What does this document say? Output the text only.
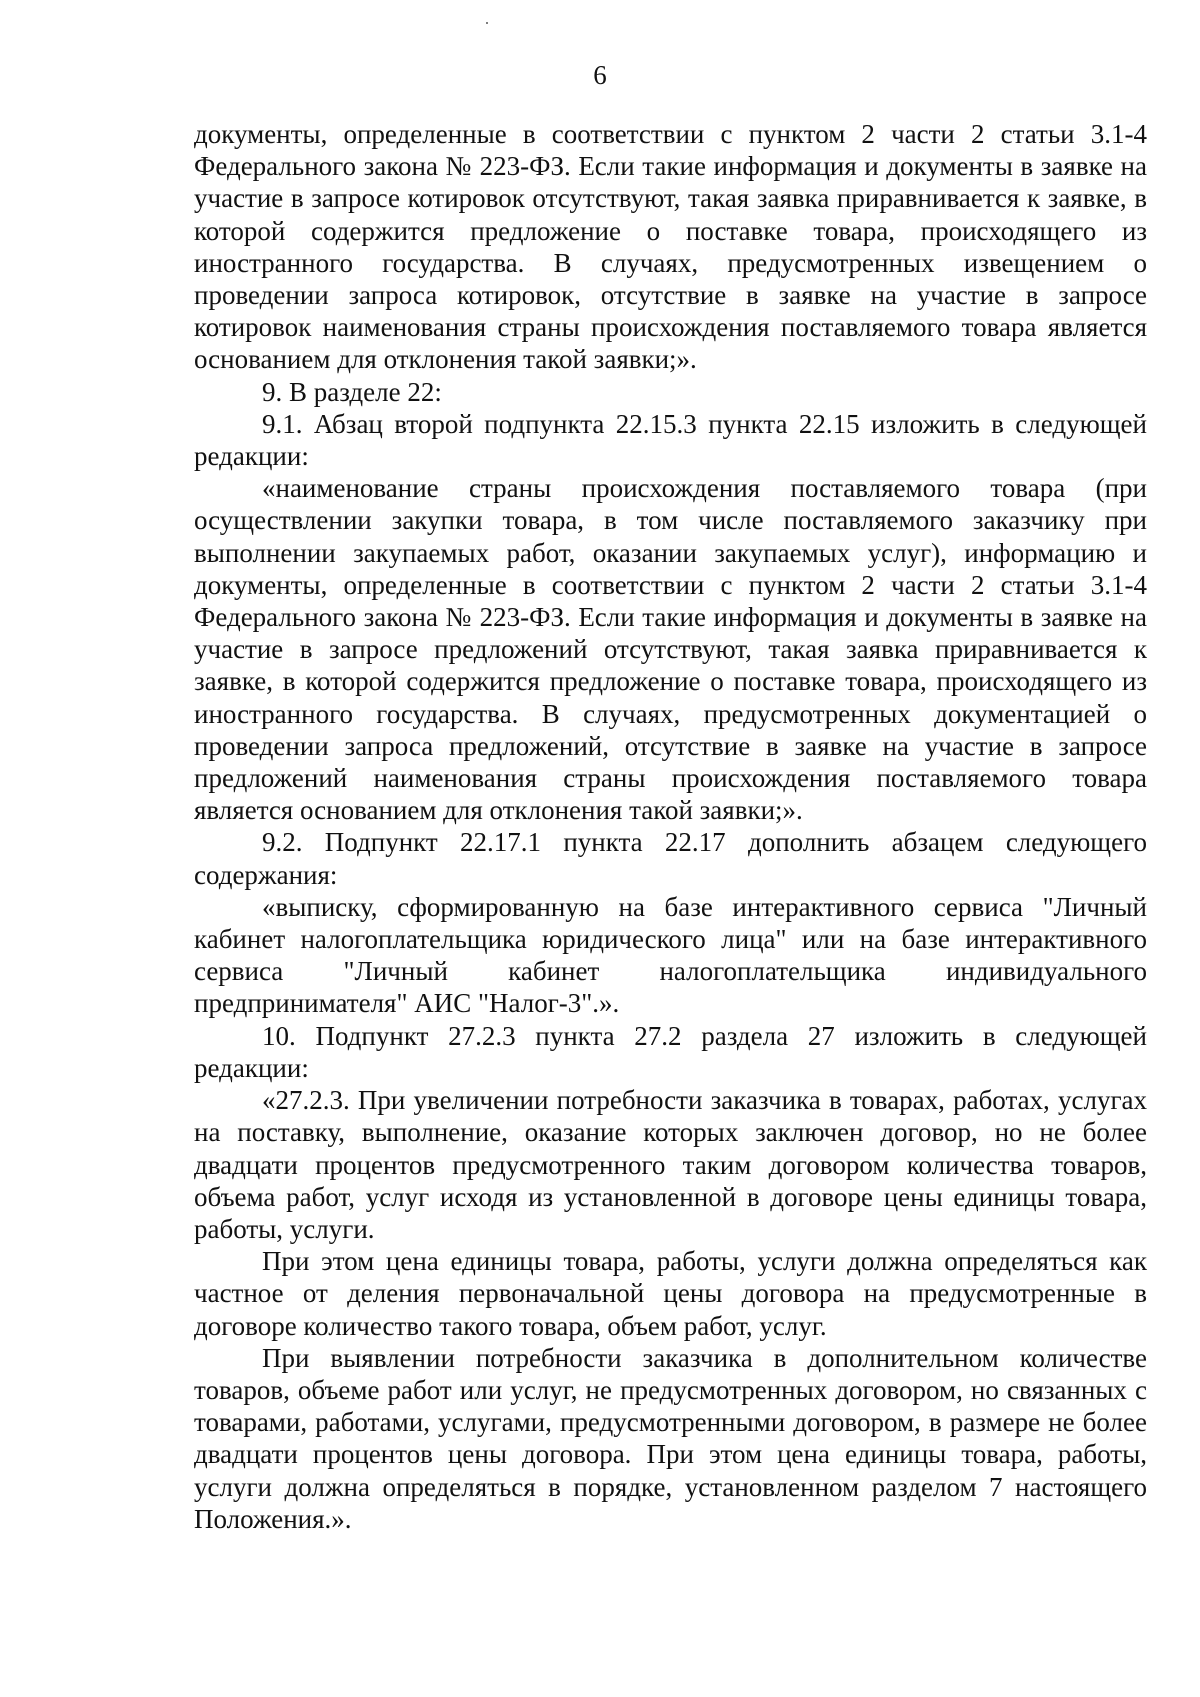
6

документы, определенные в соответствии с пунктом 2 части 2 статьи 3.1-4 Федерального закона № 223-ФЗ. Если такие информация и документы в заявке на участие в запросе котировок отсутствуют, такая заявка приравнивается к заявке, в которой содержится предложение о поставке товара, происходящего из иностранного государства. В случаях, предусмотренных извещением о проведении запроса котировок, отсутствие в заявке на участие в запросе котировок наименования страны происхождения поставляемого товара является основанием для отклонения такой заявки;».

9. В разделе 22:

9.1. Абзац второй подпункта 22.15.3 пункта 22.15 изложить в следующей редакции:

«наименование страны происхождения поставляемого товара (при осуществлении закупки товара, в том числе поставляемого заказчику при выполнении закупаемых работ, оказании закупаемых услуг), информацию и документы, определенные в соответствии с пунктом 2 части 2 статьи 3.1-4 Федерального закона № 223-ФЗ. Если такие информация и документы в заявке на участие в запросе предложений отсутствуют, такая заявка приравнивается к заявке, в которой содержится предложение о поставке товара, происходящего из иностранного государства. В случаях, предусмотренных документацией о проведении запроса предложений, отсутствие в заявке на участие в запросе предложений наименования страны происхождения поставляемого товара является основанием для отклонения такой заявки;».

9.2. Подпункт 22.17.1 пункта 22.17 дополнить абзацем следующего содержания:

«выписку, сформированную на базе интерактивного сервиса "Личный кабинет налогоплательщика юридического лица" или на базе интерактивного сервиса "Личный кабинет налогоплательщика индивидуального предпринимателя" АИС "Налог-3".».

10. Подпункт 27.2.3 пункта 27.2 раздела 27 изложить в следующей редакции:

«27.2.3. При увеличении потребности заказчика в товарах, работах, услугах на поставку, выполнение, оказание которых заключен договор, но не более двадцати процентов предусмотренного таким договором количества товаров, объема работ, услуг исходя из установленной в договоре цены единицы товара, работы, услуги.

При этом цена единицы товара, работы, услуги должна определяться как частное от деления первоначальной цены договора на предусмотренные в договоре количество такого товара, объем работ, услуг.

При выявлении потребности заказчика в дополнительном количестве товаров, объеме работ или услуг, не предусмотренных договором, но связанных с товарами, работами, услугами, предусмотренными договором, в размере не более двадцати процентов цены договора. При этом цена единицы товара, работы, услуги должна определяться в порядке, установленном разделом 7 настоящего Положения.».
